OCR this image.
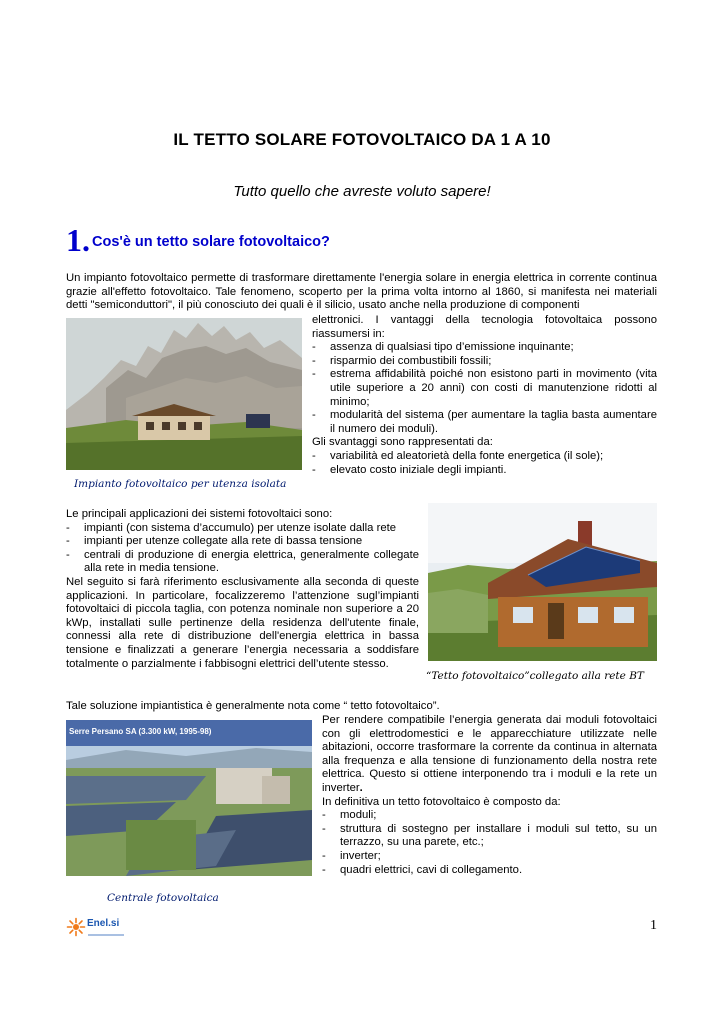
IL TETTO SOLARE FOTOVOLTAICO DA 1 A 10
Tutto quello che avreste voluto sapere!
1. Cos'è un tetto solare fotovoltaico?
Un impianto fotovoltaico permette di trasformare direttamente l'energia solare in energia elettrica in corrente continua grazie all'effetto fotovoltaico. Tale fenomeno, scoperto per la prima volta intorno al 1860, si manifesta nei materiali detti "semiconduttori", il più conosciuto dei quali è il silicio, usato anche nella produzione di componenti
elettronici. I vantaggi della tecnologia fotovoltaica possono riassumersi in:
-	assenza di qualsiasi tipo d’emissione inquinante;
-	risparmio dei combustibili fossili;
-	estrema affidabilità poiché non esistono parti in movimento (vita utile superiore a 20 anni) con costi di manutenzione ridotti al minimo;
-	modularità del sistema (per aumentare la taglia basta aumentare il numero dei moduli).
Gli svantaggi sono rappresentati da:
-	variabilità ed aleatorietà della fonte energetica (il sole);
-	elevato costo iniziale degli impianti.
Impianto fotovoltaico per utenza isolata
Le principali applicazioni dei sistemi fotovoltaici sono:
-	impianti (con sistema d’accumulo) per utenze isolate dalla rete
-	impianti per utenze collegate alla rete di bassa tensione
-	centrali di produzione di energia elettrica, generalmente collegate alla rete in media tensione.
Nel seguito si farà riferimento esclusivamente alla seconda di queste applicazioni. In particolare, focalizzeremo l’attenzione sugl’impianti fotovoltaici di piccola taglia, con potenza nominale non superiore a 20 kWp, installati sulle pertinenze della residenza dell'utente finale, connessi alla rete di distribuzione dell'energia elettrica in bassa tensione e finalizzati a generare l’energia necessaria a soddisfare totalmente o parzialmente i fabbisogni elettrici dell’utente stesso.
“Tetto fotovoltaico”collegato alla rete BT
Tale soluzione impiantistica è generalmente nota come “ tetto fotovoltaico”.
Serre Persano SA (3.300 kW, 1995-98)
Per rendere compatibile l’energia generata dai moduli fotovoltaici con gli elettrodomestici e le apparecchiature utilizzate nelle abitazioni, occorre trasformare la corrente da continua in alternata alla frequenza e alla tensione di funzionamento della nostra rete elettrica. Questo si ottiene interponendo tra i moduli e la rete un inverter.
In definitiva un tetto fotovoltaico è composto da:
-	moduli;
-	struttura di sostegno per installare i moduli sul tetto, su un terrazzo, su una parete, etc.;
-	inverter;
-	quadri elettrici, cavi di collegamento.
Centrale fotovoltaica
Enel.si	1
